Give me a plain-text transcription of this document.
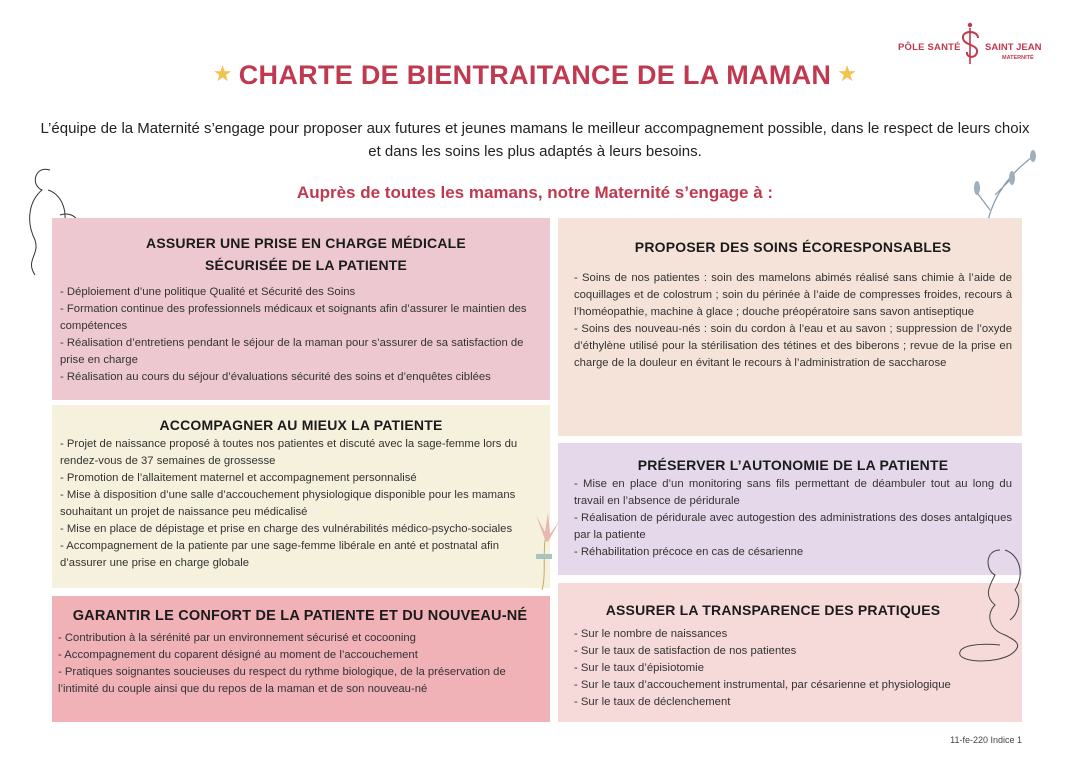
PÔLE SANTÉ	SAINT JEAN
MATERNITÉ
★ CHARTE DE BIENTRAITANCE DE LA MAMAN ★
L’équipe de la Maternité s’engage pour proposer aux futures et jeunes mamans le meilleur accompagnement possible, dans le respect de leurs choix et dans les soins les plus adaptés à leurs besoins.
Auprès de toutes les mamans, notre Maternité s’engage à :
ASSURER UNE PRISE EN CHARGE MÉDICALE SÉCURISÉE DE LA PATIENTE

- Déploiement d’une politique Qualité et Sécurité des Soins

- Formation continue des professionnels médicaux et soignants afin d’assurer le maintien des compétences

- Réalisation d’entretiens pendant le séjour de la maman pour s’assurer de sa satisfaction de prise en charge

- Réalisation au cours du séjour d’évaluations sécurité des soins et d’enquêtes ciblées

ACCOMPAGNER AU MIEUX LA PATIENTE

- Projet de naissance proposé à toutes nos patientes et discuté avec la sage-femme lors du rendez-vous de 37 semaines de grossesse

- Promotion de l’allaitement maternel et accompagnement personnalisé

- Mise à disposition d’une salle d’accouchement physiologique disponible pour les mamans souhaitant un projet de naissance peu médicalisé

- Mise en place de dépistage et prise en charge des vulnérabilités médico-psycho-sociales

- Accompagnement de la patiente par une sage-femme libérale en anté et postnatal afin d’assurer une prise en charge globale

GARANTIR LE CONFORT DE LA PATIENTE ET DU NOUVEAU-NÉ

- Contribution à la sérénité par un environnement sécurisé et cocooning

- Accompagnement du coparent désigné au moment de l’accouchement

- Pratiques soignantes soucieuses du respect du rythme biologique, de la préservation de l’intimité du couple ainsi que du repos de la maman et de son nouveau-né

PROPOSER DES SOINS ÉCORESPONSABLES

- Soins de nos patientes : soin des mamelons abimés réalisé sans chimie à l’aide de coquillages et de colostrum ; soin du périnée à l’aide de compresses froides, recours à l’homéopathie, machine à glace ; douche préopératoire sans savon antiseptique

- Soins des nouveau-nés : soin du cordon à l’eau et au savon ; suppression de l’oxyde d’éthylène utilisé pour la stérilisation des tétines et des biberons ; revue de la prise en charge de la douleur en évitant le recours à l’administration de saccharose

PRÉSERVER L’AUTONOMIE DE LA PATIENTE

- Mise en place d’un monitoring sans fils permettant de déambuler tout au long du travail en l’absence de péridurale

- Réalisation de péridurale avec autogestion des administrations des doses antalgiques par la patiente

- Réhabilitation précoce en cas de césarienne

ASSURER LA TRANSPARENCE DES PRATIQUES

- Sur le nombre de naissances

- Sur le taux de satisfaction de nos patientes

- Sur le taux d’épisiotomie

- Sur le taux d’accouchement instrumental, par césarienne et physiologique

- Sur le taux de déclenchement

11-fe-220 Indice 1
